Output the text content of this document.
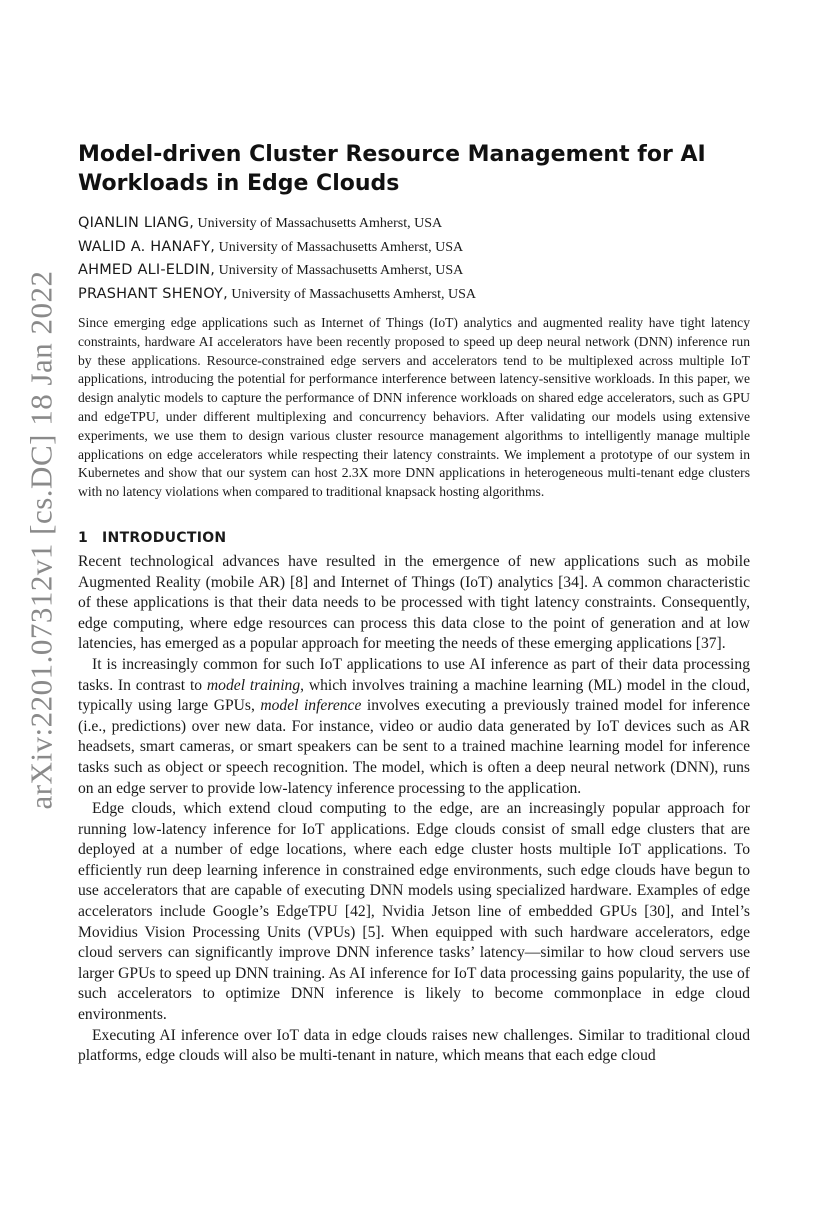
arXiv:2201.07312v1 [cs.DC] 18 Jan 2022
Model-driven Cluster Resource Management for AI
Workloads in Edge Clouds
QIANLIN LIANG, University of Massachusetts Amherst, USA
WALID A. HANAFY, University of Massachusetts Amherst, USA
AHMED ALI-ELDIN, University of Massachusetts Amherst, USA
PRASHANT SHENOY, University of Massachusetts Amherst, USA

Since emerging edge applications such as Internet of Things (IoT) analytics and augmented reality have tight latency constraints, hardware AI accelerators have been recently proposed to speed up deep neural network (DNN) inference run by these applications. Resource-constrained edge servers and accelerators tend to be multiplexed across multiple IoT applications, introducing the potential for performance interference between latency-sensitive workloads. In this paper, we design analytic models to capture the performance of DNN inference workloads on shared edge accelerators, such as GPU and edgeTPU, under different multiplexing and concurrency behaviors. After validating our models using extensive experiments, we use them to design various cluster resource management algorithms to intelligently manage multiple applications on edge accelerators while respecting their latency constraints. We implement a prototype of our system in Kubernetes and show that our system can host 2.3X more DNN applications in heterogeneous multi-tenant edge clusters with no latency violations when compared to traditional knapsack hosting algorithms.

1 INTRODUCTION

Recent technological advances have resulted in the emergence of new applications such as mobile Augmented Reality (mobile AR) [8] and Internet of Things (IoT) analytics [34]. A common characteristic of these applications is that their data needs to be processed with tight latency constraints. Consequently, edge computing, where edge resources can process this data close to the point of generation and at low latencies, has emerged as a popular approach for meeting the needs of these emerging applications [37].

It is increasingly common for such IoT applications to use AI inference as part of their data processing tasks. In contrast to model training, which involves training a machine learning (ML) model in the cloud, typically using large GPUs, model inference involves executing a previously trained model for inference (i.e., predictions) over new data. For instance, video or audio data generated by IoT devices such as AR headsets, smart cameras, or smart speakers can be sent to a trained machine learning model for inference tasks such as object or speech recognition. The model, which is often a deep neural network (DNN), runs on an edge server to provide low-latency inference processing to the application.

Edge clouds, which extend cloud computing to the edge, are an increasingly popular approach for running low-latency inference for IoT applications. Edge clouds consist of small edge clusters that are deployed at a number of edge locations, where each edge cluster hosts multiple IoT applications. To efficiently run deep learning inference in constrained edge environments, such edge clouds have begun to use accelerators that are capable of executing DNN models using specialized hardware. Examples of edge accelerators include Google’s EdgeTPU [42], Nvidia Jetson line of embedded GPUs [30], and Intel’s Movidius Vision Processing Units (VPUs) [5]. When equipped with such hardware accelerators, edge cloud servers can significantly improve DNN inference tasks’ latency—similar to how cloud servers use larger GPUs to speed up DNN training. As AI inference for IoT data processing gains popularity, the use of such accelerators to optimize DNN inference is likely to become commonplace in edge cloud environments.

Executing AI inference over IoT data in edge clouds raises new challenges. Similar to traditional cloud platforms, edge clouds will also be multi-tenant in nature, which means that each edge cloud
